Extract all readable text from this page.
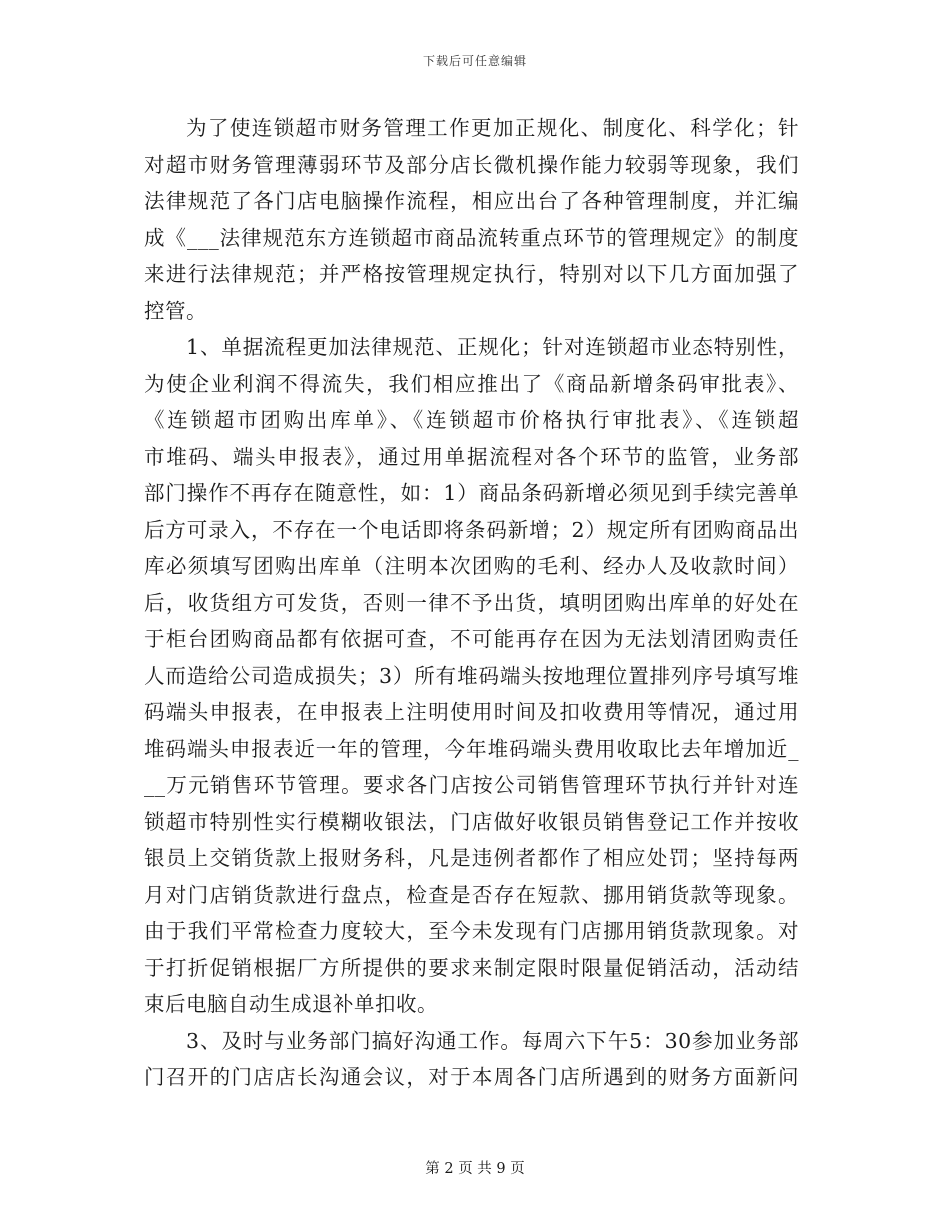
下载后可任意编辑
为了使连锁超市财务管理工作更加正规化、制度化、科学化；针
对超市财务管理薄弱环节及部分店长微机操作能力较弱等现象，我们
法律规范了各门店电脑操作流程，相应出台了各种管理制度，并汇编
成《___法律规范东方连锁超市商品流转重点环节的管理规定》的制度
来进行法律规范；并严格按管理规定执行，特别对以下几方面加强了
控管。
1、单据流程更加法律规范、正规化；针对连锁超市业态特别性，
为使企业利润不得流失，我们相应推出了《商品新增条码审批表》、
《连锁超市团购出库单》、《连锁超市价格执行审批表》、《连锁超
市堆码、端头申报表》，通过用单据流程对各个环节的监管，业务部
部门操作不再存在随意性，如：1）商品条码新增必须见到手续完善单
后方可录入，不存在一个电话即将条码新增；2）规定所有团购商品出
库必须填写团购出库单（注明本次团购的毛利、经办人及收款时间）
后，收货组方可发货，否则一律不予出货，填明团购出库单的好处在
于柜台团购商品都有依据可查，不可能再存在因为无法划清团购责任
人而造给公司造成损失；3）所有堆码端头按地理位置排列序号填写堆
码端头申报表，在申报表上注明使用时间及扣收费用等情况，通过用
堆码端头申报表近一年的管理，今年堆码端头费用收取比去年增加近_
__万元销售环节管理。要求各门店按公司销售管理环节执行并针对连
锁超市特别性实行模糊收银法，门店做好收银员销售登记工作并按收
银员上交销货款上报财务科，凡是违例者都作了相应处罚；坚持每两
月对门店销货款进行盘点，检查是否存在短款、挪用销货款等现象。
由于我们平常检查力度较大，至今未发现有门店挪用销货款现象。对
于打折促销根据厂方所提供的要求来制定限时限量促销活动，活动结
束后电脑自动生成退补单扣收。
3、及时与业务部门搞好沟通工作。每周六下午5：30参加业务部
门召开的门店店长沟通会议，对于本周各门店所遇到的财务方面新问
第 2 页 共 9 页
